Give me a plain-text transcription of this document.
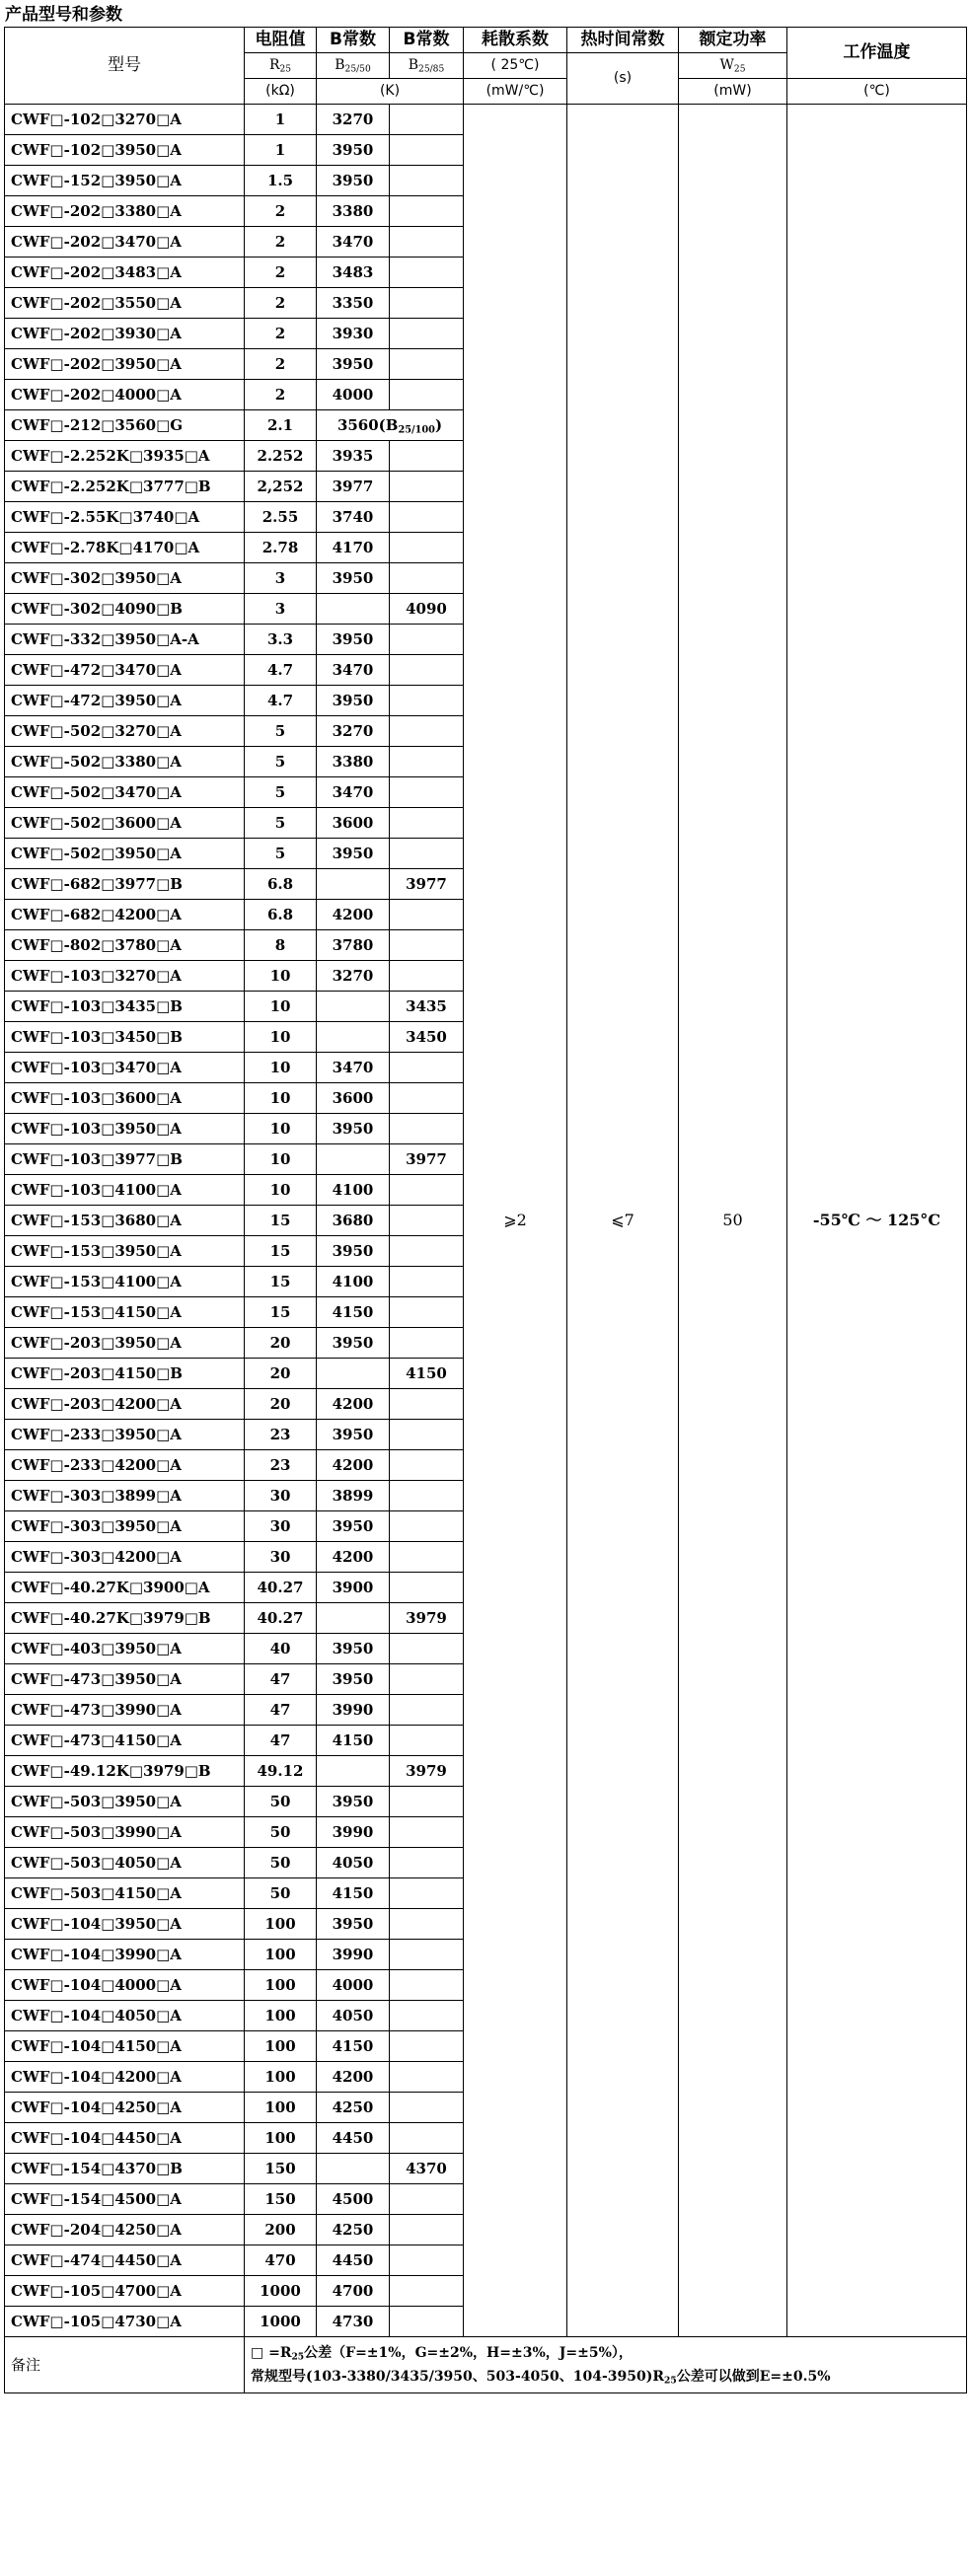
产品型号和参数
型号	电阻值	B常数	B常数	耗散系数	热时间常数	额定功率	工作温度
	$R_{25}$	$B_{25/50}$	$B_{25/85}$	( 25℃)	(s)	$W_{25}$
	(kΩ)	(K)		(mW/℃)		(mW)	(℃)
CWF□-102□3270□A	1	3270		⩾2	⩽7	50	-55℃ ～ 125°C
CWF□-102□3950□A	1	3950					
CWF□-152□3950□A	1.5	3950					
CWF□-202□3380□A	2	3380					
CWF□-202□3470□A	2	3470					
CWF□-202□3483□A	2	3483					
CWF□-202□3550□A	2	3350					
CWF□-202□3930□A	2	3930					
CWF□-202□3950□A	2	3950					
CWF□-202□4000□A	2	4000					
CWF□-212□3560□G	2.1	$3560(B_{25/100})$					
CWF□-2.252K□3935□A	2.252	3935					
CWF□-2.252K□3777□B	2,252	3977					
CWF□-2.55K□3740□A	2.55	3740					
CWF□-2.78K□4170□A	2.78	4170					
CWF□-302□3950□A	3	3950					
CWF□-302□4090□B	3		4090				
CWF□-332□3950□A-A	3.3	3950					
CWF□-472□3470□A	4.7	3470					
CWF□-472□3950□A	4.7	3950					
CWF□-502□3270□A	5	3270					
CWF□-502□3380□A	5	3380					
CWF□-502□3470□A	5	3470					
CWF□-502□3600□A	5	3600					
CWF□-502□3950□A	5	3950					
CWF□-682□3977□B	6.8		3977				
CWF□-682□4200□A	6.8	4200					
CWF□-802□3780□A	8	3780					
CWF□-103□3270□A	10	3270					
CWF□-103□3435□B	10		3435				
CWF□-103□3450□B	10		3450				
CWF□-103□3470□A	10	3470					
CWF□-103□3600□A	10	3600					
CWF□-103□3950□A	10	3950					
CWF□-103□3977□B	10		3977				
CWF□-103□4100□A	10	4100					
CWF□-153□3680□A	15	3680					
CWF□-153□3950□A	15	3950					
CWF□-153□4100□A	15	4100					
CWF□-153□4150□A	15	4150					
CWF□-203□3950□A	20	3950					
CWF□-203□4150□B	20		4150				
CWF□-203□4200□A	20	4200					
CWF□-233□3950□A	23	3950					
CWF□-233□4200□A	23	4200					
CWF□-303□3899□A	30	3899					
CWF□-303□3950□A	30	3950					
CWF□-303□4200□A	30	4200					
CWF□-40.27K□3900□A	40.27	3900					
CWF□-40.27K□3979□B	40.27		3979				
CWF□-403□3950□A	40	3950					
CWF□-473□3950□A	47	3950					
CWF□-473□3990□A	47	3990					
CWF□-473□4150□A	47	4150					
CWF□-49.12K□3979□B	49.12		3979				
CWF□-503□3950□A	50	3950					
CWF□-503□3990□A	50	3990					
CWF□-503□4050□A	50	4050					
CWF□-503□4150□A	50	4150					
CWF□-104□3950□A	100	3950					
CWF□-104□3990□A	100	3990					
CWF□-104□4000□A	100	4000					
CWF□-104□4050□A	100	4050					
CWF□-104□4150□A	100	4150					
CWF□-104□4200□A	100	4200					
CWF□-104□4250□A	100	4250					
CWF□-104□4450□A	100	4450					
CWF□-154□4370□B	150		4370				
CWF□-154□4500□A	150	4500					
CWF□-204□4250□A	200	4250					
CWF□-474□4450□A	470	4450					
CWF□-105□4700□A	1000	4700					
CWF□-105□4730□A	1000	4730					
备注	□ $=R_{25}$公差（F=±1%，G=±2%，H=±3%，J=±5%），
常规型号(103-3380/3435/3950、503-4050、$104-3950)R_{25}$公差可以做到E=±0.5%						
